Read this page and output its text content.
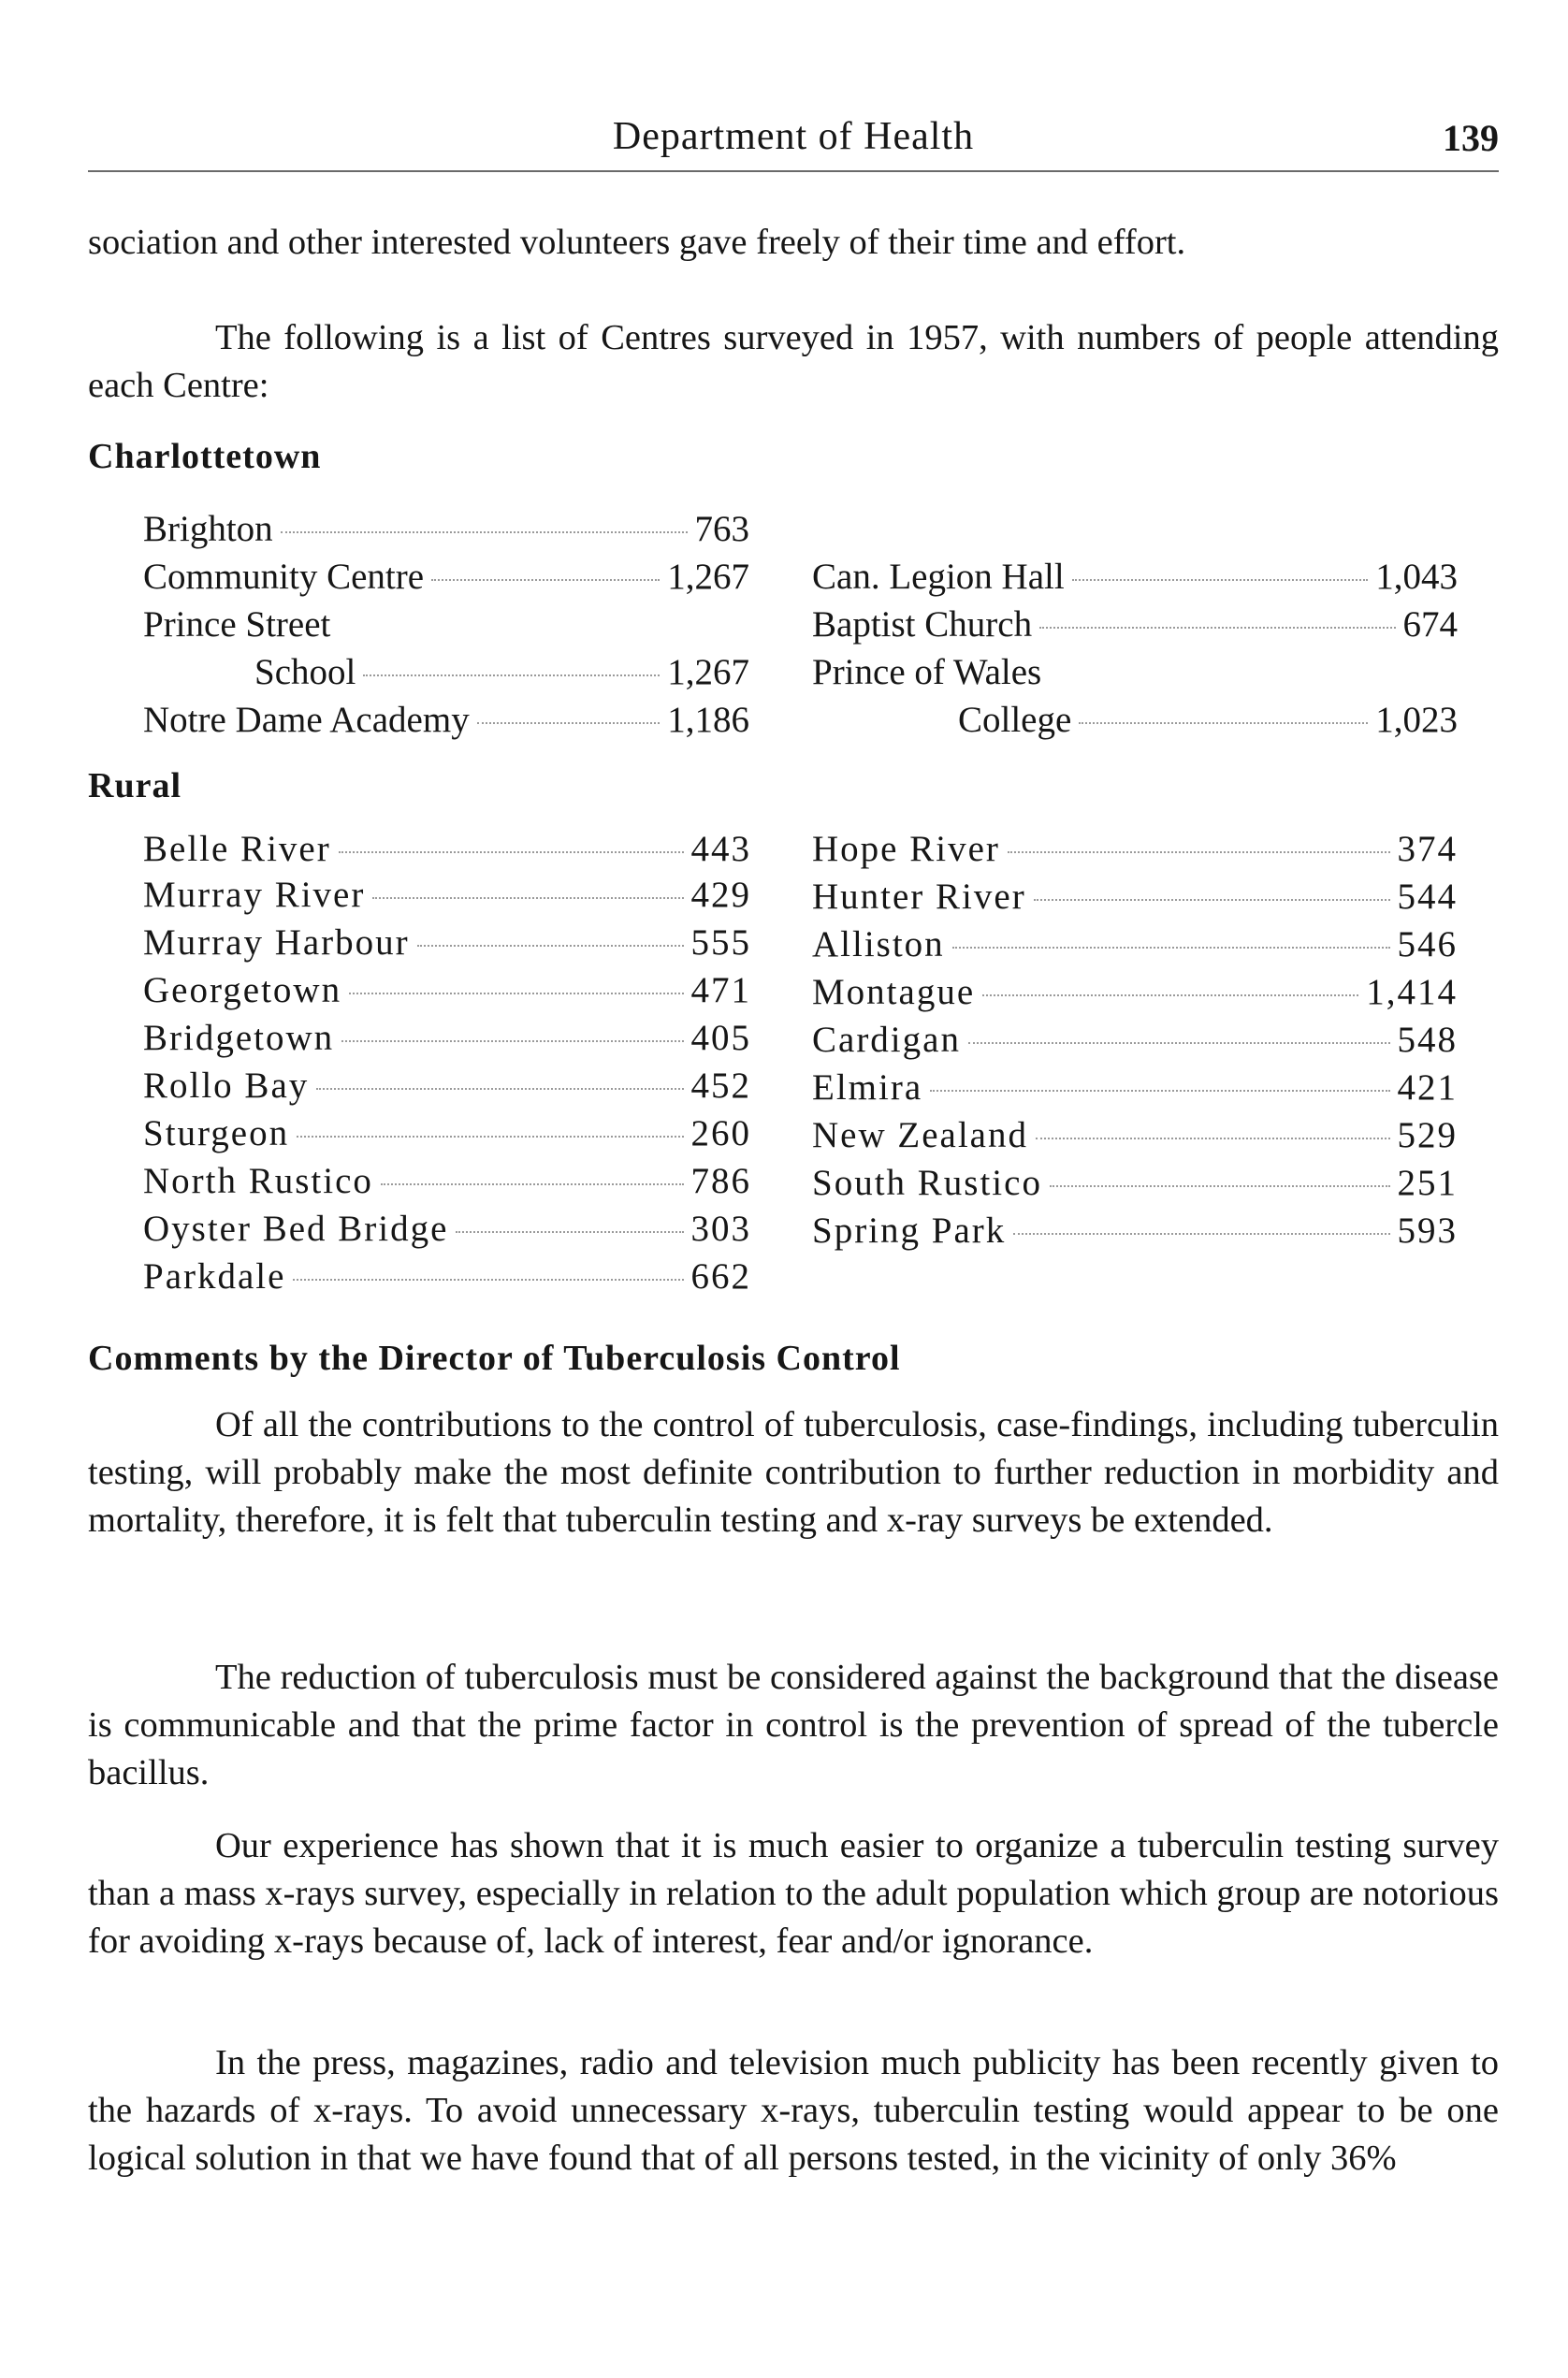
Department of Health	139

sociation and other interested volunteers gave freely of their time and effort.

The following is a list of Centres surveyed in 1957, with numbers of people attending each Centre:

Charlottetown
Brighton	763
Community Centre	1,267
Prince Street
School	1,267
Notre Dame Academy	1,186
Can. Legion Hall	1,043
Baptist Church	674
Prince of Wales
College	1,023
Rural
Belle River	443
Murray River	429
Murray Harbour	555
Georgetown	471
Bridgetown	405
Rollo Bay	452
Sturgeon	260
North Rustico	786
Oyster Bed Bridge	303
Parkdale	662
Hope River	374
Hunter River	544
Alliston	546
Montague	1,414
Cardigan	548
Elmira	421
New Zealand	529
South Rustico	251
Spring Park	593
Comments by the Director of Tuberculosis Control

Of all the contributions to the control of tuberculosis, case-findings, including tuberculin testing, will probably make the most definite contribution to further reduction in morbidity and mortality, therefore, it is felt that tuberculin testing and x-ray surveys be extended.

The reduction of tuberculosis must be considered against the background that the disease is communicable and that the prime factor in control is the prevention of spread of the tubercle bacillus.

Our experience has shown that it is much easier to organize a tuberculin testing survey than a mass x-rays survey, especially in relation to the adult population which group are notorious for avoiding x-rays because of, lack of interest, fear and/or ignorance.

In the press, magazines, radio and television much publicity has been recently given to the hazards of x-rays. To avoid unnecessary x-rays, tuberculin testing would appear to be one logical solution in that we have found that of all persons tested, in the vicinity of only 36%
